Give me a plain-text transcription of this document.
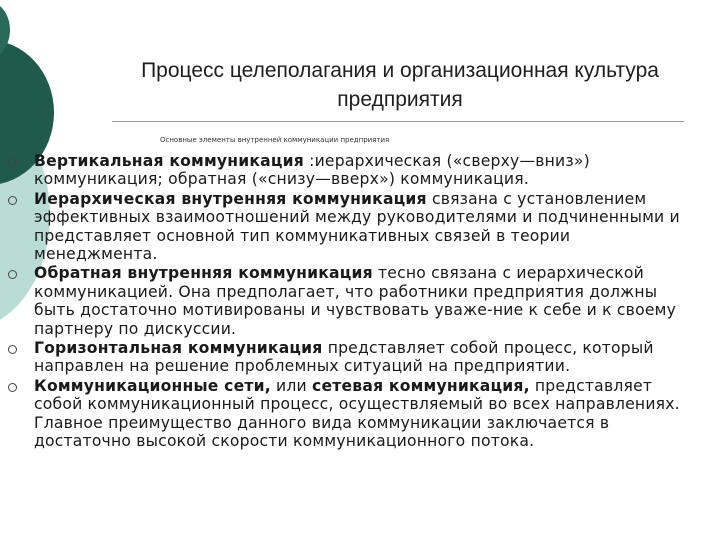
Процесс целеполагания и организационная культура предприятия
Основные элементы внутренней коммуникации предприятия
Вертикальная коммуникация :иерархическая («сверху—вниз») коммуникация; обратная («снизу—вверх») коммуникация.
Иерархическая внутренняя коммуникация связана с установлением эффективных взаимоотношений между руководителями и подчиненными и представляет основной тип коммуникативных связей в теории менеджмента.
Обратная внутренняя коммуникация тесно связана с иерархической коммуникацией. Она предполагает, что работники предприятия должны быть достаточно мотивированы и чувствовать уваже-ние к себе и к своему партнеру по дискуссии.
Горизонтальная коммуникация представляет собой процесс, который направлен на решение проблемных ситуаций на предприятии.
Коммуникационные сети, или сетевая коммуникация, представляет собой коммуникационный процесс, осуществляемый во всех направлениях. Главное преимущество данного вида коммуникации заключается в достаточно высокой скорости коммуникационного потока.
